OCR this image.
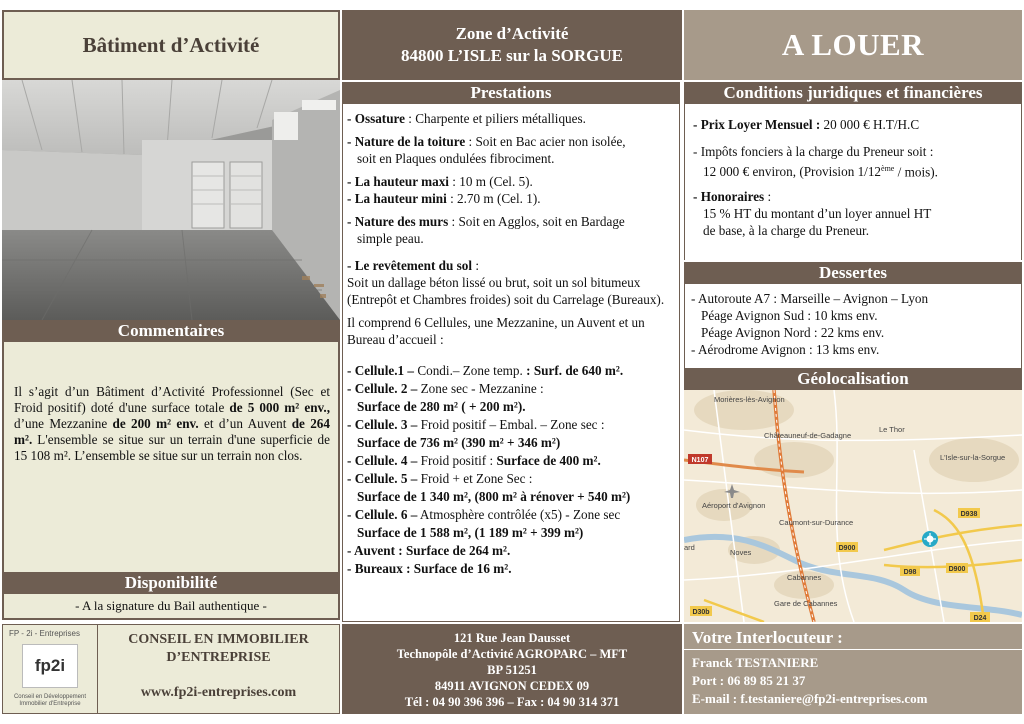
Bâtiment d’Activité	Zone d’Activité
84800 L’ISLE sur la SORGUE	A LOUER
Commentaires
Il s’agit d’un Bâtiment d’Activité Professionnel (Sec et Froid positif) doté d'une surface totale de 5 000 m² env., d’une Mezzanine de 200 m² env. et d’un Auvent de 264 m². L'ensemble se situe sur un terrain d'une superficie de 15 108 m². L’ensemble se situe sur un terrain non clos.
Disponibilité
- A la signature du Bail authentique -
Prestations

- Ossature : Charpente et piliers métalliques.

- Nature de la toiture : Soit en Bac acier non isolée,
soit en Plaques ondulées fibrociment.

- La hauteur maxi : 10 m (Cel. 5).
- La hauteur mini : 2.70 m (Cel. 1).

- Nature des murs : Soit en Agglos, soit en Bardage
simple peau.

- Le revêtement du sol :
Soit un dallage béton lissé ou brut, soit un sol bitumeux (Entrepôt et Chambres froides) soit du Carrelage (Bureaux).

Il comprend 6 Cellules, une Mezzanine, un Auvent et un Bureau d’accueil :

- Cellule.1 – Condi.– Zone temp. : Surf. de 640 m².

- Cellule. 2 – Zone sec - Mezzanine :

Surface de 280 m² ( + 200 m²).

- Cellule. 3 – Froid positif – Embal. – Zone sec :

Surface de 736 m² (390 m² + 346 m²)

- Cellule. 4 – Froid positif : Surface de 400 m².

- Cellule. 5 – Froid + et Zone Sec :

Surface de 1 340 m², (800 m² à rénover + 540 m²)

- Cellule. 6 – Atmosphère contrôlée (x5) - Zone sec

Surface de 1 588 m², (1 189 m² + 399 m²)

- Auvent : Surface de 264 m².

- Bureaux : Surface de 16 m².

Conditions juridiques et financières

- Prix Loyer Mensuel : 20 000 € H.T/H.C

- Impôts fonciers à la charge du Preneur soit :
12 000 € environ, (Provision 1/12ème / mois).

- Honoraires :
15 % HT du montant d’un loyer annuel HT
de base, à la charge du Preneur.

Dessertes
- Autoroute A7 : Marseille – Avignon – Lyon
Péage Avignon Sud : 10 kms env.
Péage Avignon Nord : 22 kms env.
- Aérodrome Avignon : 13 kms env.
Géolocalisation
N107
D900
D900
D98
D938
D30b
D24
Morières-lès-Avignon
Châteauneuf-de-Gadagne
Le Thor
L'Isle-sur-la-Sorgue
Aéroport d'Avignon
Caumont-sur-Durance
Noves
Cabannes
Gare de Cabannes
ard
FP - 2i - Entreprises
fp2i
Conseil en Développement
Immobilier d'Entreprise
CONSEIL EN IMMOBILIER
D’ENTREPRISE
www.fp2i-entreprises.com
121 Rue Jean Dausset
Technopôle d’Activité AGROPARC – MFT
BP 51251
84911 AVIGNON CEDEX 09
Tél : 04 90 396 396 – Fax : 04 90 314 371
Votre Interlocuteur :
Franck TESTANIERE
Port : 06 89 85 21 37
E-mail : f.testaniere@fp2i-entreprises.com
